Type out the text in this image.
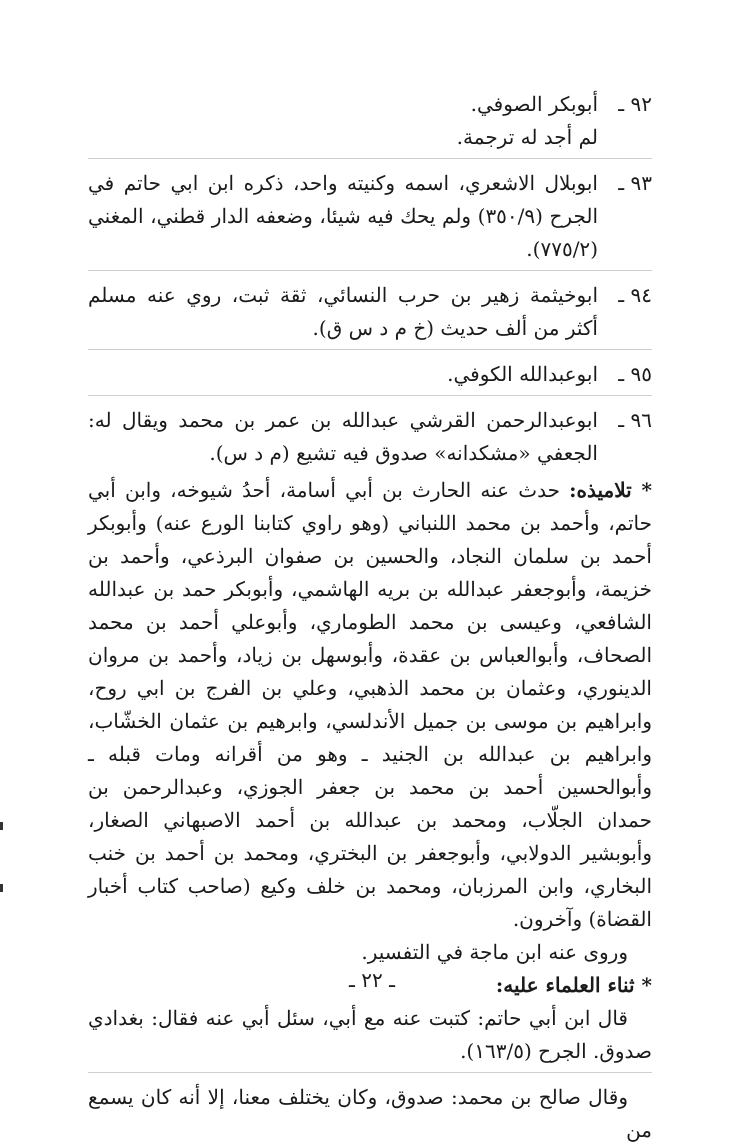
٩٢ ـ
أبوبكر الصوفي.
لم أجد له ترجمة.
٩٣ ـ
ابوبلال الاشعري، اسمه وكنيته واحد، ذكره ابن ابي حاتم في الجرح (٣٥٠/٩) ولم يحك فيه شيئا، وضعفه الدار قطني، المغني (٧٧٥/٢).
٩٤ ـ
ابوخيثمة زهير بن حرب النسائي، ثقة ثبت، روي عنه مسلم أكثر من ألف حديث (خ م د س ق).
٩٥ ـ
ابوعبدالله الكوفي.
٩٦ ـ
ابوعبدالرحمن القرشي عبدالله بن عمر بن محمد ويقال له: الجعفي «مشكدانه» صدوق فيه تشيع (م د س).

* تلاميذه: حدث عنه الحارث بن أبي أسامة، أحدُ شيوخه، وابن أبي حاتم، وأحمد بن محمد اللنباني (وهو راوي كتابنا الورع عنه) وأبوبكر أحمد بن سلمان النجاد، والحسين بن صفوان البرذعي، وأحمد بن خزيمة، وأبوجعفر عبدالله بن بريه الهاشمي، وأبوبكر حمد بن عبدالله الشافعي، وعيسى بن محمد الطوماري، وأبوعلي أحمد بن محمد الصحاف، وأبوالعباس بن عقدة، وأبوسهل بن زياد، وأحمد بن مروان الدينوري، وعثمان بن محمد الذهبي، وعلي بن الفرج بن ابي روح، وابراهيم بن موسى بن جميل الأندلسي، وابرهيم بن عثمان الخشّاب، وابراهيم بن عبدالله بن الجنيد ـ وهو من أقرانه ومات قبله ـ وأبوالحسين أحمد بن محمد بن جعفر الجوزي، وعبدالرحمن بن حمدان الجلّاب، ومحمد بن عبدالله بن أحمد الاصبهاني الصغار، وأبوبشير الدولابي، وأبوجعفر بن البختري، ومحمد بن أحمد بن خنب البخاري، وابن المرزبان، ومحمد بن خلف وكيع (صاحب كتاب أخبار القضاة) وآخرون.

وروى عنه ابن ماجة في التفسير.

* ثناء العلماء عليه:

قال ابن أبي حاتم: كتبت عنه مع أبي، سئل أبي عنه فقال: بغدادي صدوق. الجرح (١٦٣/٥).

وقال صالح بن محمد: صدوق، وكان يختلف معنا، إلا أنه كان يسمع من

ـ ٢٢ ـ
